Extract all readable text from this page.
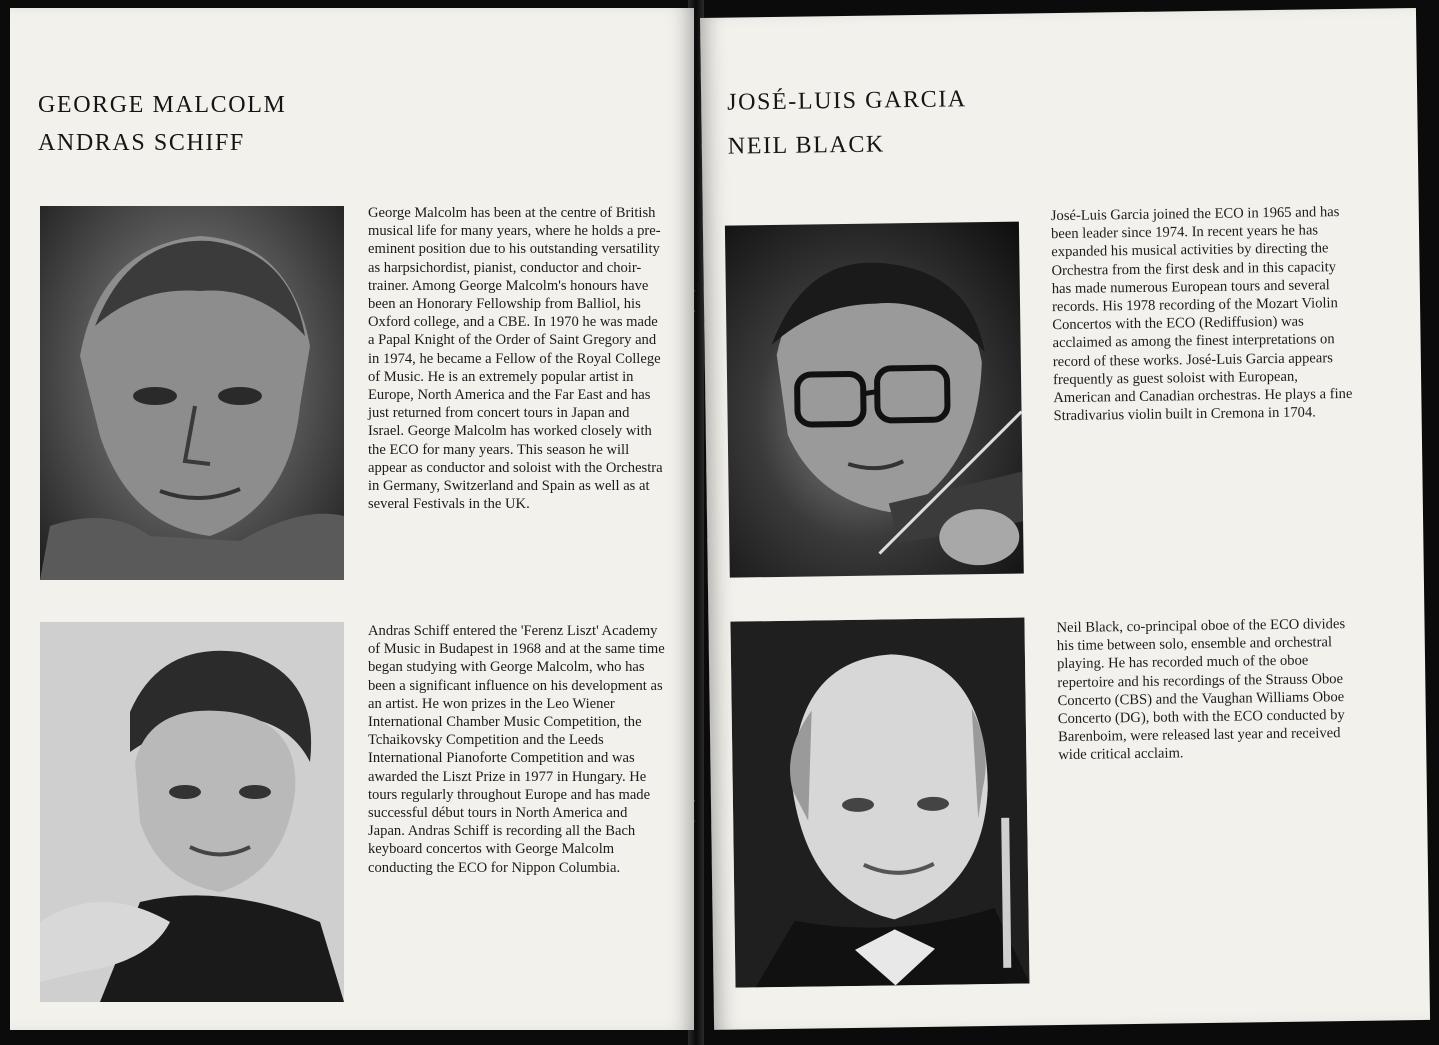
GEORGE MALCOLM
ANDRAS SCHIFF

George Malcolm has been at the centre of British musical life for many years, where he holds a pre-eminent position due to his outstanding versatility as harpsichordist, pianist, conductor and choir-trainer. Among George Malcolm's honours have been an Honorary Fellowship from Balliol, his Oxford college, and a CBE. In 1970 he was made a Papal Knight of the Order of Saint Gregory and in 1974, he became a Fellow of the Royal College of Music. He is an extremely popular artist in Europe, North America and the Far East and has just returned from concert tours in Japan and Israel. George Malcolm has worked closely with the ECO for many years. This season he will appear as conductor and soloist with the Orchestra in Germany, Switzerland and Spain as well as at several Festivals in the UK.

Andras Schiff entered the 'Ferenz Liszt' Academy of Music in Budapest in 1968 and at the same time began studying with George Malcolm, who has been a significant influence on his development as an artist. He won prizes in the Leo Wiener International Chamber Music Competition, the Tchaikovsky Competition and the Leeds International Pianoforte Competition and was awarded the Liszt Prize in 1977 in Hungary. He tours regularly throughout Europe and has made successful début tours in North America and Japan. Andras Schiff is recording all the Bach keyboard concertos with George Malcolm conducting the ECO for Nippon Columbia.

JOSÉ-LUIS GARCIA
NEIL BLACK

José-Luis Garcia joined the ECO in 1965 and has been leader since 1974. In recent years he has expanded his musical activities by directing the Orchestra from the first desk and in this capacity has made numerous European tours and several records. His 1978 recording of the Mozart Violin Concertos with the ECO (Rediffusion) was acclaimed as among the finest interpretations on record of these works. José-Luis Garcia appears frequently as guest soloist with European, American and Canadian orchestras. He plays a fine Stradivarius violin built in Cremona in 1704.

Neil Black, co-principal oboe of the ECO divides his time between solo, ensemble and orchestral playing. He has recorded much of the oboe repertoire and his recordings of the Strauss Oboe Concerto (CBS) and the Vaughan Williams Oboe Concerto (DG), both with the ECO conducted by Barenboim, were released last year and received wide critical acclaim.
